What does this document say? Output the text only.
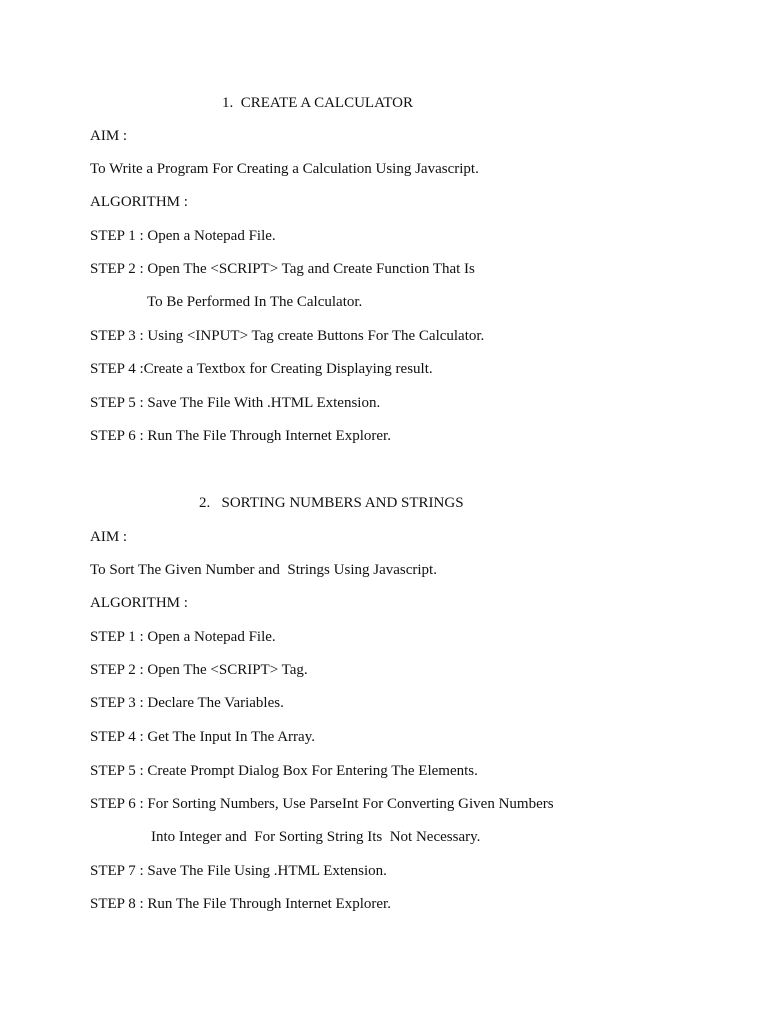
1.  CREATE A CALCULATOR
AIM :
To Write a Program For Creating a Calculation Using Javascript.
ALGORITHM :
STEP 1 : Open a Notepad File.
STEP 2 : Open The <SCRIPT> Tag and Create Function That Is
To Be Performed In The Calculator.
STEP 3 : Using <INPUT> Tag create Buttons For The Calculator.
STEP 4 :Create a Textbox for Creating Displaying result.
STEP 5 : Save The File With .HTML Extension.
STEP 6 : Run The File Through Internet Explorer.
2.   SORTING NUMBERS AND STRINGS
AIM :
To Sort The Given Number and  Strings Using Javascript.
ALGORITHM :
STEP 1 : Open a Notepad File.
STEP 2 : Open The <SCRIPT> Tag.
STEP 3 : Declare The Variables.
STEP 4 : Get The Input In The Array.
STEP 5 : Create Prompt Dialog Box For Entering The Elements.
STEP 6 : For Sorting Numbers, Use ParseInt For Converting Given Numbers
Into Integer and  For Sorting String Its  Not Necessary.
STEP 7 : Save The File Using .HTML Extension.
STEP 8 : Run The File Through Internet Explorer.
